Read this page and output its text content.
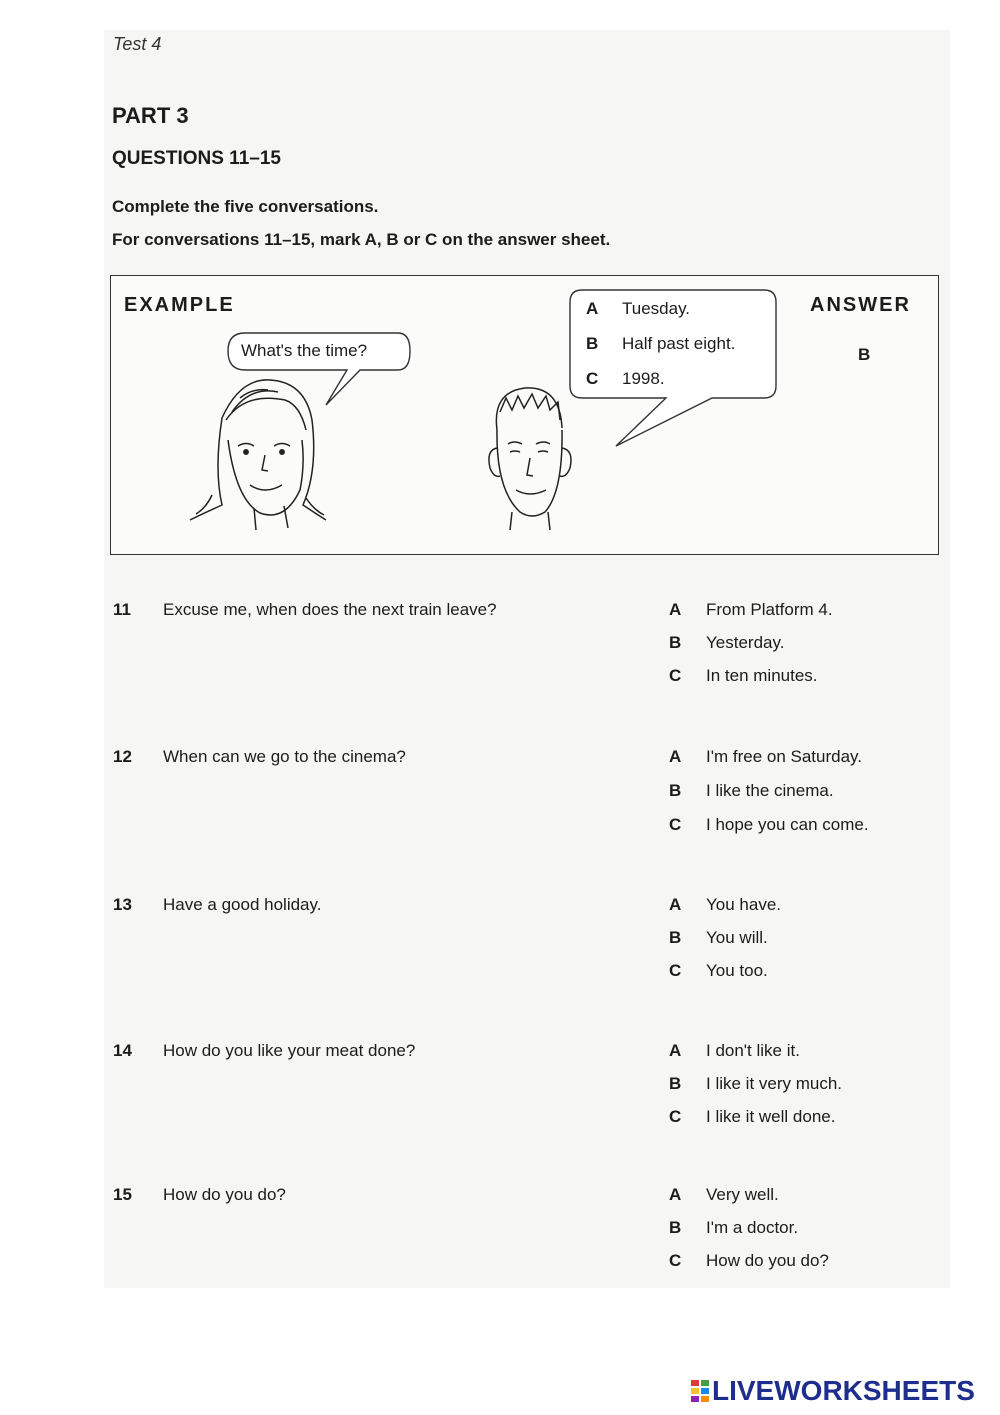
Test 4
PART 3
QUESTIONS 11–15
Complete the five conversations.
For conversations 11–15, mark A, B or C on the answer sheet.
EXAMPLE
What's the time?
ANSWER
B
A Tuesday.
B Half past eight.
C 1998.
11 Excuse me, when does the next train leave?	A From Platform 4.
B Yesterday.
C In ten minutes.
12 When can we go to the cinema?	A I'm free on Saturday.
B I like the cinema.
C I hope you can come.
13 Have a good holiday.	A You have.
B You will.
C You too.
14 How do you like your meat done?	A I don't like it.
B I like it very much.
C I like it well done.
15 How do you do?	A Very well.
B I'm a doctor.
C How do you do?
LIVEWORKSHEETS
